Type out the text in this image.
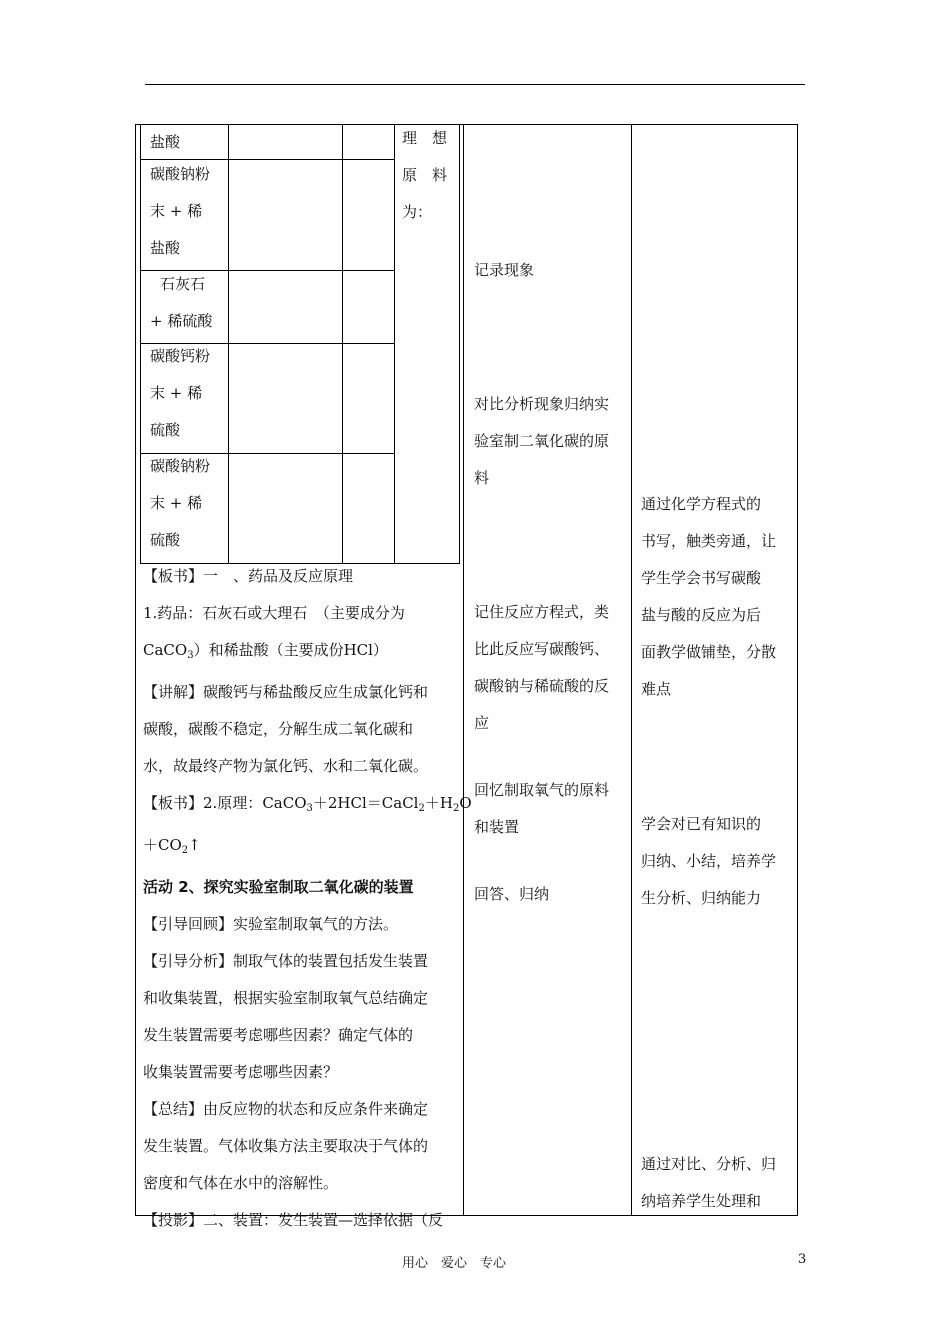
盐酸
碳酸钠粉
末 + 稀
盐酸
石灰石
+ 稀硫酸
碳酸钙粉
末 + 稀
硫酸
碳酸钠粉
末 + 稀
硫酸
理　想
原　料
为：
【板书】一　、药品及反应原理
1.药品：石灰石或大理石　（主要成分为
CaCO$_3$）和稀盐酸（主要成份HCl）
【讲解】碳酸钙与稀盐酸反应生成氯化钙和
碳酸，碳酸不稳定，分解生成二氧化碳和
水，故最终产物为氯化钙、水和二氧化碳。
【板书】2.原理：$CaCO_3+2HCl=CaCl_2+H_2O$
$+CO_2↑$
活动 2、探究实验室制取二氧化碳的装置
【引导回顾】实验室制取氧气的方法。
【引导分析】制取气体的装置包括发生装置
和收集装置，根据实验室制取氧气总结确定
发生装置需要考虑哪些因素？确定气体的
收集装置需要考虑哪些因素？
【总结】由反应物的状态和反应条件来确定
发生装置。气体收集方法主要取决于气体的
密度和气体在水中的溶解性。
【投影】二、装置：发生装置—选择依据（反
记录现象
对比分析现象归纳实
验室制二氧化碳的原
料
记住反应方程式，类
比此反应写碳酸钙、
碳酸钠与稀硫酸的反
应
回忆制取氧气的原料
和装置
回答、归纳
通过化学方程式的
书写，触类旁通，让
学生学会书写碳酸
盐与酸的反应为后
面教学做铺垫，分散
难点
学会对已有知识的
归纳、小结，培养学
生分析、归纳能力
通过对比、分析、归
纳培养学生处理和
用心　爱心　专心	3
